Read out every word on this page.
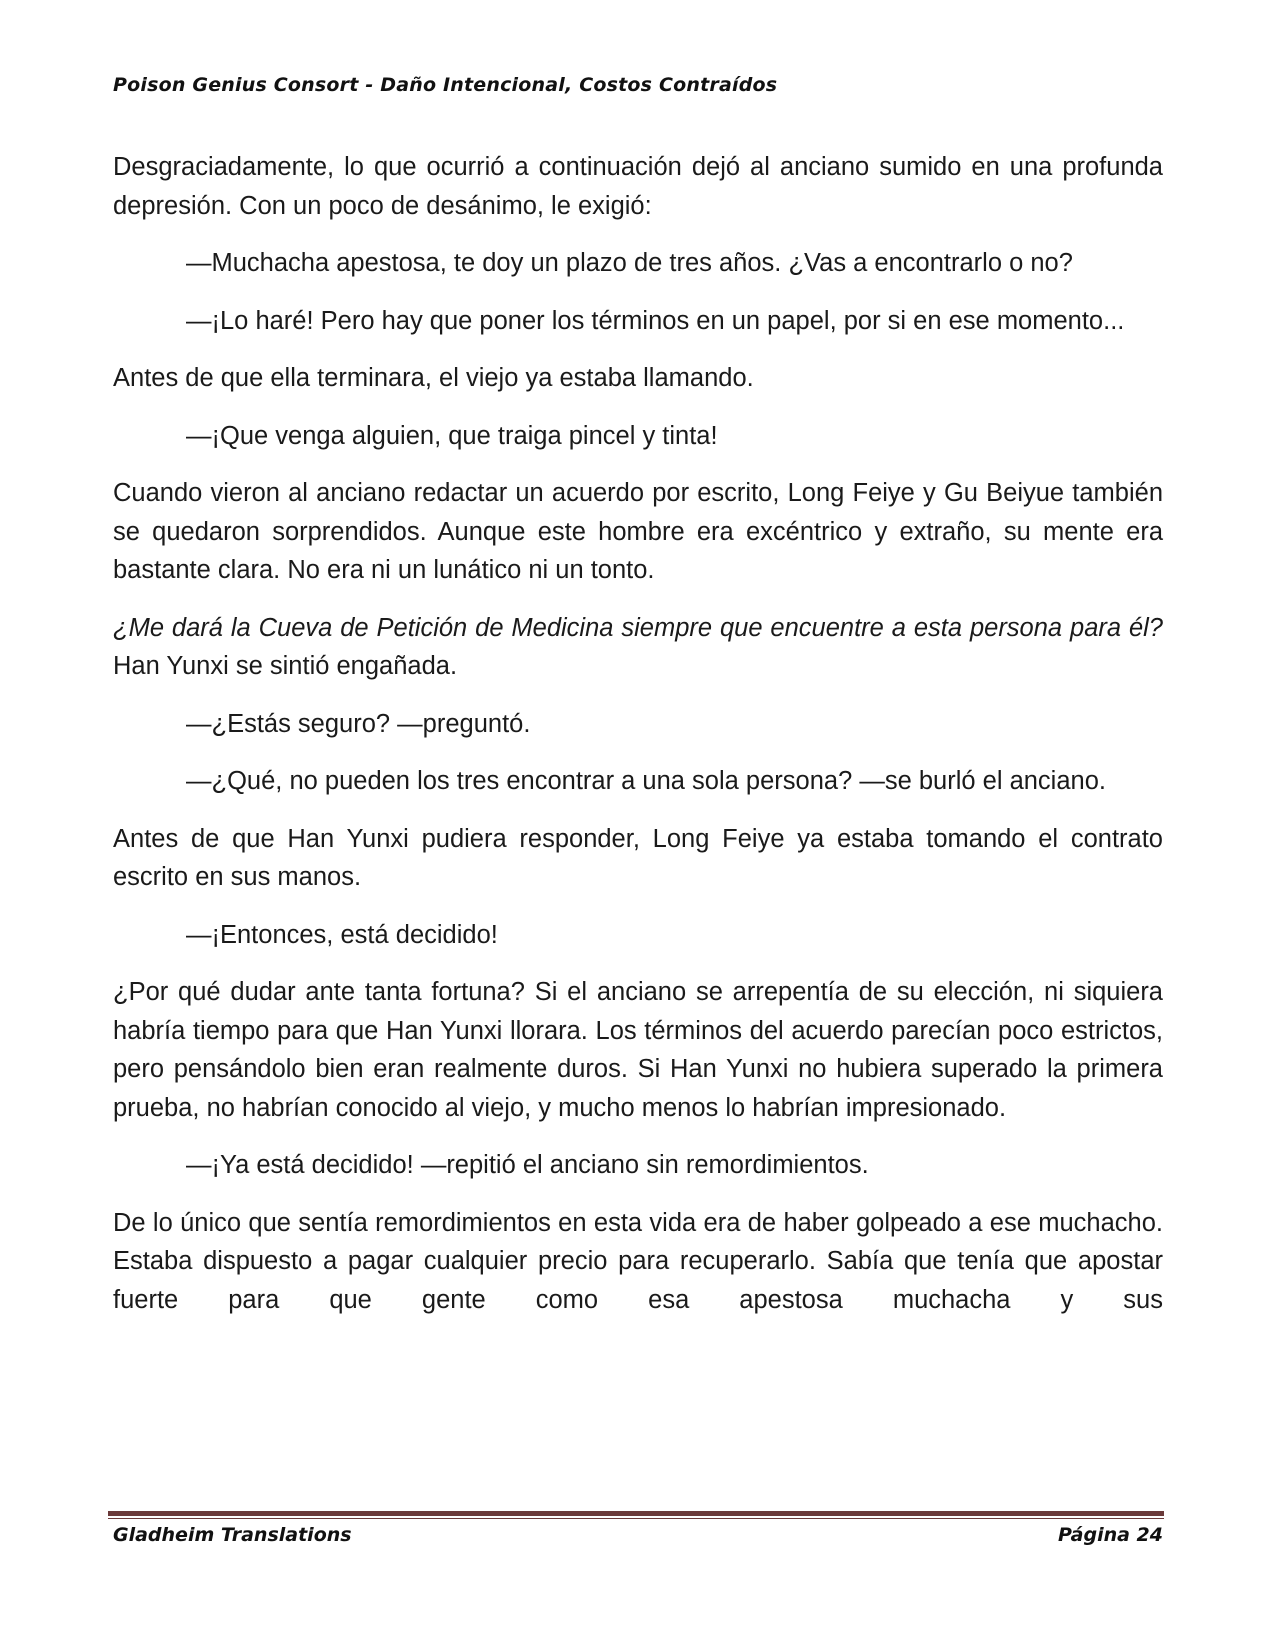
Poison Genius Consort - Daño Intencional, Costos Contraídos

Desgraciadamente, lo que ocurrió a continuación dejó al anciano sumido en una profunda depresión. Con un poco de desánimo, le exigió:

—Muchacha apestosa, te doy un plazo de tres años. ¿Vas a encontrarlo o no?

—¡Lo haré! Pero hay que poner los términos en un papel, por si en ese momento...

Antes de que ella terminara, el viejo ya estaba llamando.

—¡Que venga alguien, que traiga pincel y tinta!

Cuando vieron al anciano redactar un acuerdo por escrito, Long Feiye y Gu Beiyue también se quedaron sorprendidos. Aunque este hombre era excéntrico y extraño, su mente era bastante clara. No era ni un lunático ni un tonto.

¿Me dará la Cueva de Petición de Medicina siempre que encuentre a esta persona para él? Han Yunxi se sintió engañada.

—¿Estás seguro? —preguntó.

—¿Qué, no pueden los tres encontrar a una sola persona? —se burló el anciano.

Antes de que Han Yunxi pudiera responder, Long Feiye ya estaba tomando el contrato escrito en sus manos.

—¡Entonces, está decidido!

¿Por qué dudar ante tanta fortuna? Si el anciano se arrepentía de su elección, ni siquiera habría tiempo para que Han Yunxi llorara. Los términos del acuerdo parecían poco estrictos, pero pensándolo bien eran realmente duros. Si Han Yunxi no hubiera superado la primera prueba, no habrían conocido al viejo, y mucho menos lo habrían impresionado.

—¡Ya está decidido! —repitió el anciano sin remordimientos.

De lo único que sentía remordimientos en esta vida era de haber golpeado a ese muchacho. Estaba dispuesto a pagar cualquier precio para recuperarlo. Sabía que tenía que apostar fuerte para que gente como esa apestosa muchacha y sus

Gladheim Translations	Página 24
